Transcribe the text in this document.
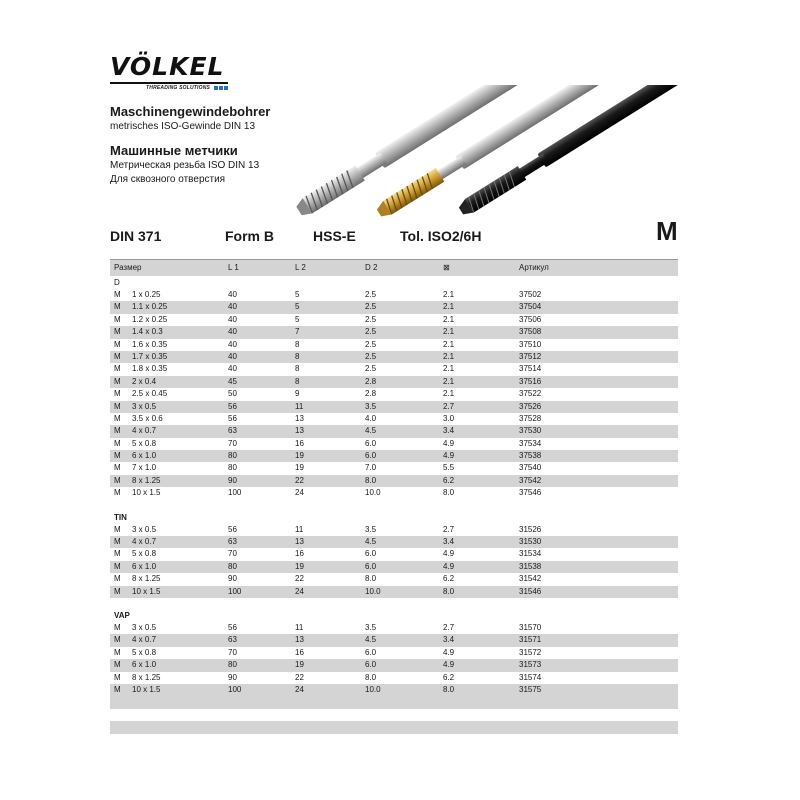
VÖLKEL
THREADING SOLUTIONS

Maschinengewindebohrer

metrisches ISO-Gewinde DIN 13

Машинные метчики

Метрическая резьба ISO DIN 13

Для сквозного отверстия

DIN 371	Form B	HSS-E	Tol. ISO2/6H	M
Размер	L 1	L 2	D 2	⊠	Артикул
D
M 1 x 0.25	40	5	2.5	2.1	37502
M 1.1 x 0.25	40	5	2.5	2.1	37504
M 1.2 x 0.25	40	5	2.5	2.1	37506
M 1.4 x 0.3	40	7	2.5	2.1	37508
M 1.6 x 0.35	40	8	2.5	2.1	37510
M 1.7 x 0.35	40	8	2.5	2.1	37512
M 1.8 x 0.35	40	8	2.5	2.1	37514
M 2 x 0.4	45	8	2.8	2.1	37516
M 2.5 x 0.45	50	9	2.8	2.1	37522
M 3 x 0.5	56	11	3.5	2.7	37526
M 3.5 x 0.6	56	13	4.0	3.0	37528
M 4 x 0.7	63	13	4.5	3.4	37530
M 5 x 0.8	70	16	6.0	4.9	37534
M 6 x 1.0	80	19	6.0	4.9	37538
M 7 x 1.0	80	19	7.0	5.5	37540
M 8 x 1.25	90	22	8.0	6.2	37542
M 10 x 1.5	100	24	10.0	8.0	37546
TIN
M 3 x 0.5	56	11	3.5	2.7	31526
M 4 x 0.7	63	13	4.5	3.4	31530
M 5 x 0.8	70	16	6.0	4.9	31534
M 6 x 1.0	80	19	6.0	4.9	31538
M 8 x 1.25	90	22	8.0	6.2	31542
M 10 x 1.5	100	24	10.0	8.0	31546
VAP
M 3 x 0.5	56	11	3.5	2.7	31570
M 4 x 0.7	63	13	4.5	3.4	31571
M 5 x 0.8	70	16	6.0	4.9	31572
M 6 x 1.0	80	19	6.0	4.9	31573
M 8 x 1.25	90	22	8.0	6.2	31574
M 10 x 1.5	100	24	10.0	8.0	31575
